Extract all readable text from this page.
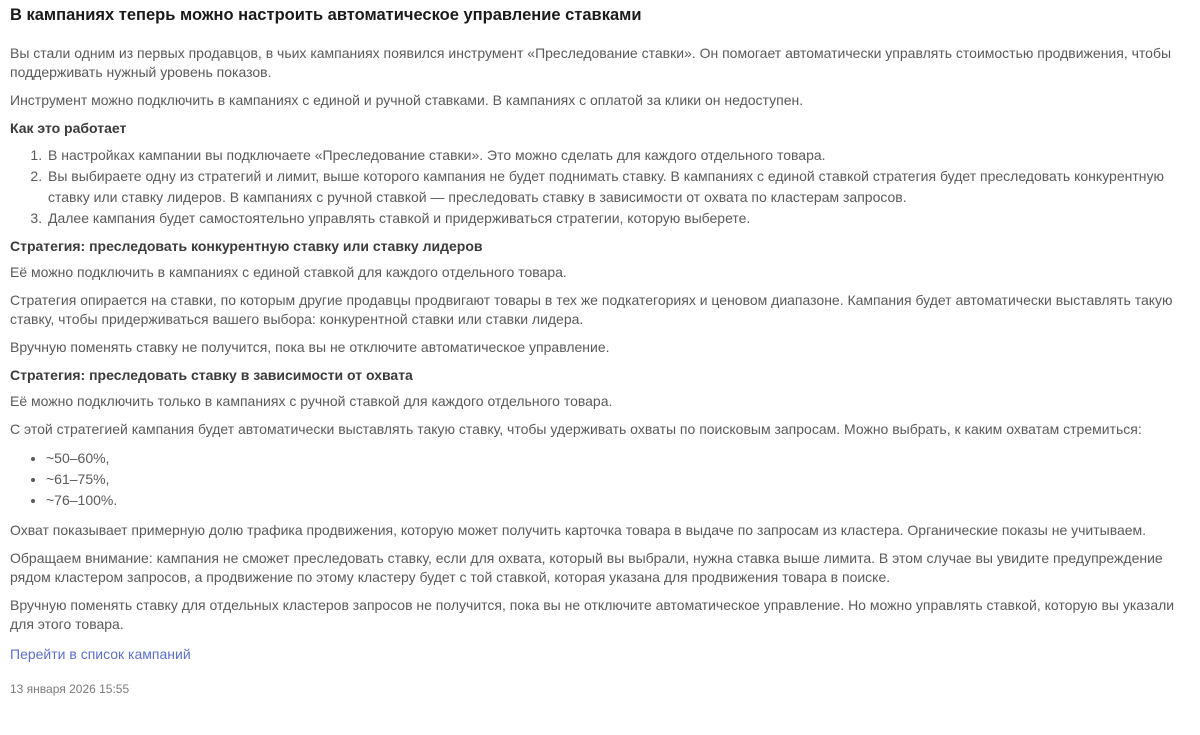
В кампаниях теперь можно настроить автоматическое управление ставками

Вы стали одним из первых продавцов, в чьих кампаниях появился инструмент «Преследование ставки». Он помогает автоматически управлять стоимостью продвижения, чтобы поддерживать нужный уровень показов.

Инструмент можно подключить в кампаниях с единой и ручной ставками. В кампаниях с оплатой за клики он недоступен.

Как это работает
1. В настройках кампании вы подключаете «Преследование ставки». Это можно сделать для каждого отдельного товара.
2. Вы выбираете одну из стратегий и лимит, выше которого кампания не будет поднимать ставку. В кампаниях с единой ставкой стратегия будет преследовать конкурентную ставку или ставку лидеров. В кампаниях с ручной ставкой — преследовать ставку в зависимости от охвата по кластерам запросов.
3. Далее кампания будет самостоятельно управлять ставкой и придерживаться стратегии, которую выберете.
Стратегия: преследовать конкурентную ставку или ставку лидеров

Её можно подключить в кампаниях с единой ставкой для каждого отдельного товара.

Стратегия опирается на ставки, по которым другие продавцы продвигают товары в тех же подкатегориях и ценовом диапазоне. Кампания будет автоматически выставлять такую ставку, чтобы придерживаться вашего выбора: конкурентной ставки или ставки лидера.

Вручную поменять ставку не получится, пока вы не отключите автоматическое управление.

Стратегия: преследовать ставку в зависимости от охвата

Её можно подключить только в кампаниях с ручной ставкой для каждого отдельного товара.

С этой стратегией кампания будет автоматически выставлять такую ставку, чтобы удерживать охваты по поисковым запросам. Можно выбрать, к каким охватам стремиться:

• ~50–60%,
• ~61–75%,
• ~76–100%.

Охват показывает примерную долю трафика продвижения, которую может получить карточка товара в выдаче по запросам из кластера. Органические показы не учитываем.

Обращаем внимание: кампания не сможет преследовать ставку, если для охвата, который вы выбрали, нужна ставка выше лимита. В этом случае вы увидите предупреждение рядом кластером запросов, а продвижение по этому кластеру будет с той ставкой, которая указана для продвижения товара в поиске.

Вручную поменять ставку для отдельных кластеров запросов не получится, пока вы не отключите автоматическое управление. Но можно управлять ставкой, которую вы указали для этого товара.

Перейти в список кампаний
13 января 2026 15:55
